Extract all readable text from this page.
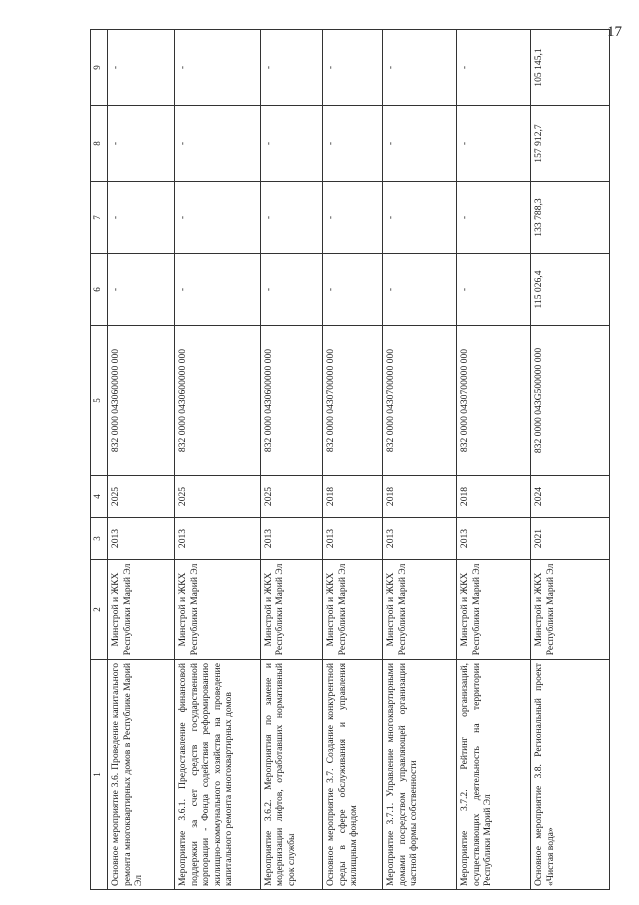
17
1	2	3	4	5	6	7	8	9
Основное мероприятие 3.6. Проведение капитального ремонта многоквартирных домов в Республике Марий Эл	Минстрой и ЖКХ Республики Марий Эл	2013	2025	832 0000 0430600000 000	-	-	-	-
Мероприятие 3.6.1. Предоставление финансовой поддержки за счет средств государственной корпорации - Фонда содействия реформированию жилищно-коммунального хозяйства на проведение капитального ремонта многоквартирных домов	Минстрой и ЖКХ Республики Марий Эл	2013	2025	832 0000 0430600000 000	-	-	-	-
Мероприятие 3.6.2. Мероприятия по замене и модернизации лифтов, отработавших нормативный срок службы	Минстрой и ЖКХ Республики Марий Эл	2013	2025	832 0000 0430600000 000	-	-	-	-
Основное мероприятие 3.7. Создание конкурентной среды в сфере обслуживания и управления жилищным фондом	Минстрой и ЖКХ Республики Марий Эл	2013	2018	832 0000 0430700000 000	-	-	-	-
Мероприятие 3.7.1. Управление многоквартирными домами посредством управляющей организации частной формы собственности	Минстрой и ЖКХ Республики Марий Эл	2013	2018	832 0000 0430700000 000	-	-	-	-
Мероприятие 3.7.2. Рейтинг организаций, осуществляющих деятельность на территории Республики Марий Эл	Минстрой и ЖКХ Республики Марий Эл	2013	2018	832 0000 0430700000 000	-	-	-	-
Основное мероприятие 3.8. Региональный проект «Чистая вода»	Минстрой и ЖКХ Республики Марий Эл	2021	2024	832 0000 043G500000 000	115 026,4	133 788,3	157 912,7	105 145,1
